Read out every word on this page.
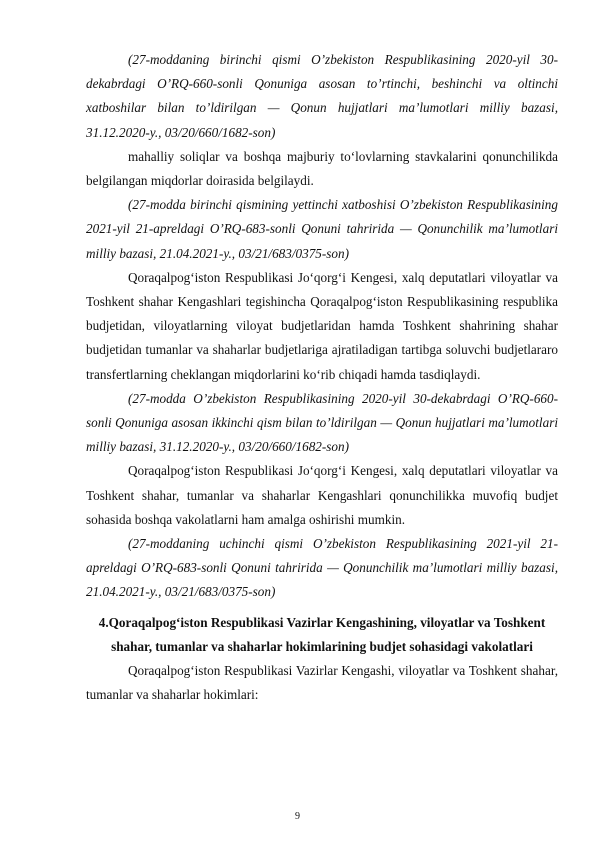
(27-moddaning birinchi qismi O’zbekiston Respublikasining 2020-yil 30-dekabrdagi O’RQ-660-sonli Qonuniga asosan to’rtinchi, beshinchi va oltinchi xatboshilar bilan to’ldirilgan — Qonun hujjatlari ma’lumotlari milliy bazasi, 31.12.2020-y., 03/20/660/1682-son)

mahalliy soliqlar va boshqa majburiy to‘lovlarning stavkalarini qonunchilikda belgilangan miqdorlar doirasida belgilaydi.

(27-modda birinchi qismining yettinchi xatboshisi O’zbekiston Respublikasining 2021-yil 21-apreldagi O’RQ-683-sonli Qonuni tahririda — Qonunchilik ma’lumotlari milliy bazasi, 21.04.2021-y., 03/21/683/0375-son)

Qoraqalpog‘iston Respublikasi Jo‘qorg‘i Kengesi, xalq deputatlari viloyatlar va Toshkent shahar Kengashlari tegishincha Qoraqalpog‘iston Respublikasining respublika budjetidan, viloyatlarning viloyat budjetlaridan hamda Toshkent shahrining shahar budjetidan tumanlar va shaharlar budjetlariga ajratiladigan tartibga soluvchi budjetlararo transfertlarning cheklangan miqdorlarini ko‘rib chiqadi hamda tasdiqlaydi.

(27-modda O’zbekiston Respublikasining 2020-yil 30-dekabrdagi O’RQ-660-sonli Qonuniga asosan ikkinchi qism bilan to’ldirilgan — Qonun hujjatlari ma’lumotlari milliy bazasi, 31.12.2020-y., 03/20/660/1682-son)

Qoraqalpog‘iston Respublikasi Jo‘qorg‘i Kengesi, xalq deputatlari viloyatlar va Toshkent shahar, tumanlar va shaharlar Kengashlari qonunchilikka muvofiq budjet sohasida boshqa vakolatlarni ham amalga oshirishi mumkin.

(27-moddaning uchinchi qismi O’zbekiston Respublikasining 2021-yil 21-apreldagi O’RQ-683-sonli Qonuni tahririda — Qonunchilik ma’lumotlari milliy bazasi, 21.04.2021-y., 03/21/683/0375-son)

4.Qoraqalpog‘iston Respublikasi Vazirlar Kengashining, viloyatlar va Toshkent shahar, tumanlar va shaharlar hokimlarining budjet sohasidagi vakolatlari

Qoraqalpog‘iston Respublikasi Vazirlar Kengashi, viloyatlar va Toshkent shahar, tumanlar va shaharlar hokimlari:

9
